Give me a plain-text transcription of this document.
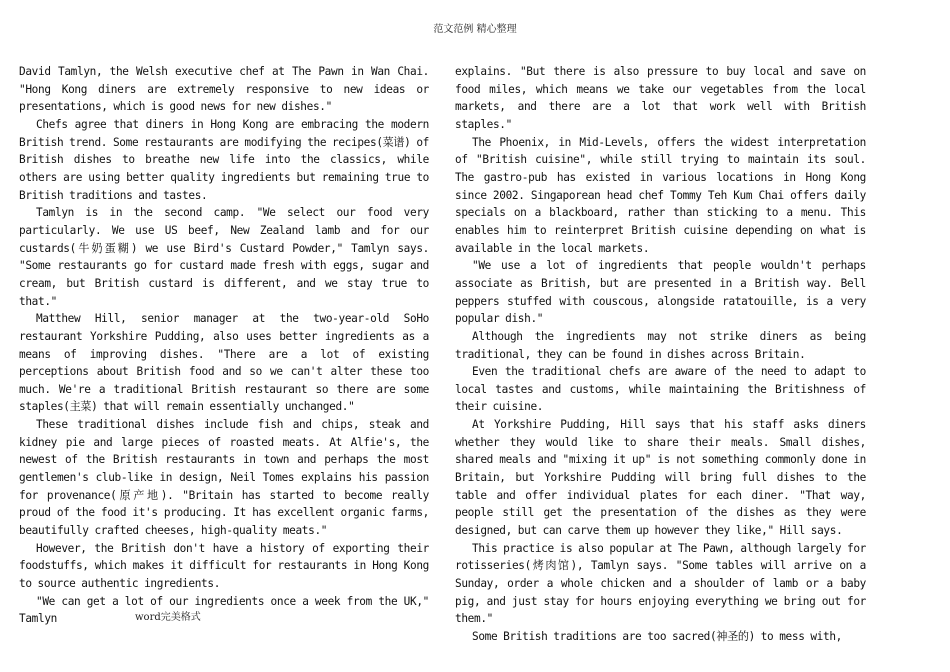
范文范例 精心整理

David Tamlyn, the Welsh executive chef at The Pawn in Wan Chai. "Hong Kong diners are extremely responsive to new ideas or presentations, which is good news for new dishes."

Chefs agree that diners in Hong Kong are embracing the modern British trend. Some restaurants are modifying the recipes(菜谱) of British dishes to breathe new life into the classics, while others are using better quality ingredients but remaining true to British traditions and tastes.

Tamlyn is in the second camp. "We select our food very particularly. We use US beef, New Zealand lamb and for our custards(牛奶蛋糊) we use Bird's Custard Powder," Tamlyn says. "Some restaurants go for custard made fresh with eggs, sugar and cream, but British custard is different, and we stay true to that."

Matthew Hill, senior manager at the two-year-old SoHo restaurant Yorkshire Pudding, also uses better ingredients as a means of improving dishes. "There are a lot of existing perceptions about British food and so we can't alter these too much. We're a traditional British restaurant so there are some staples(主菜) that will remain essentially unchanged."

These traditional dishes include fish and chips, steak and kidney pie and large pieces of roasted meats. At Alfie's, the newest of the British restaurants in town and perhaps the most gentlemen's club-like in design, Neil Tomes explains his passion for provenance(原产地). "Britain has started to become really proud of the food it's producing. It has excellent organic farms, beautifully crafted cheeses, high-quality meats."

However, the British don't have a history of exporting their foodstuffs, which makes it difficult for restaurants in Hong Kong to source authentic ingredients.

"We can get a lot of our ingredients once a week from the UK," Tamlyn

explains. "But there is also pressure to buy local and save on food miles, which means we take our vegetables from the local markets, and there are a lot that work well with British staples."

The Phoenix, in Mid-Levels, offers the widest interpretation of "British cuisine", while still trying to maintain its soul. The gastro-pub has existed in various locations in Hong Kong since 2002. Singaporean head chef Tommy Teh Kum Chai offers daily specials on a blackboard, rather than sticking to a menu. This enables him to reinterpret British cuisine depending on what is available in the local markets.

"We use a lot of ingredients that people wouldn't perhaps associate as British, but are presented in a British way. Bell peppers stuffed with couscous, alongside ratatouille, is a very popular dish."

Although the ingredients may not strike diners as being traditional, they can be found in dishes across Britain.

Even the traditional chefs are aware of the need to adapt to local tastes and customs, while maintaining the Britishness of their cuisine.

At Yorkshire Pudding, Hill says that his staff asks diners whether they would like to share their meals. Small dishes, shared meals and "mixing it up" is not something commonly done in Britain, but Yorkshire Pudding will bring full dishes to the table and offer individual plates for each diner. "That way, people still get the presentation of the dishes as they were designed, but can carve them up however they like," Hill says.

This practice is also popular at The Pawn, although largely for rotisseries(烤肉馆), Tamlyn says. "Some tables will arrive on a Sunday, order a whole chicken and a shoulder of lamb or a baby pig, and just stay for hours enjoying everything we bring out for them."

Some British traditions are too sacred(神圣的) to mess with,

word完美格式
